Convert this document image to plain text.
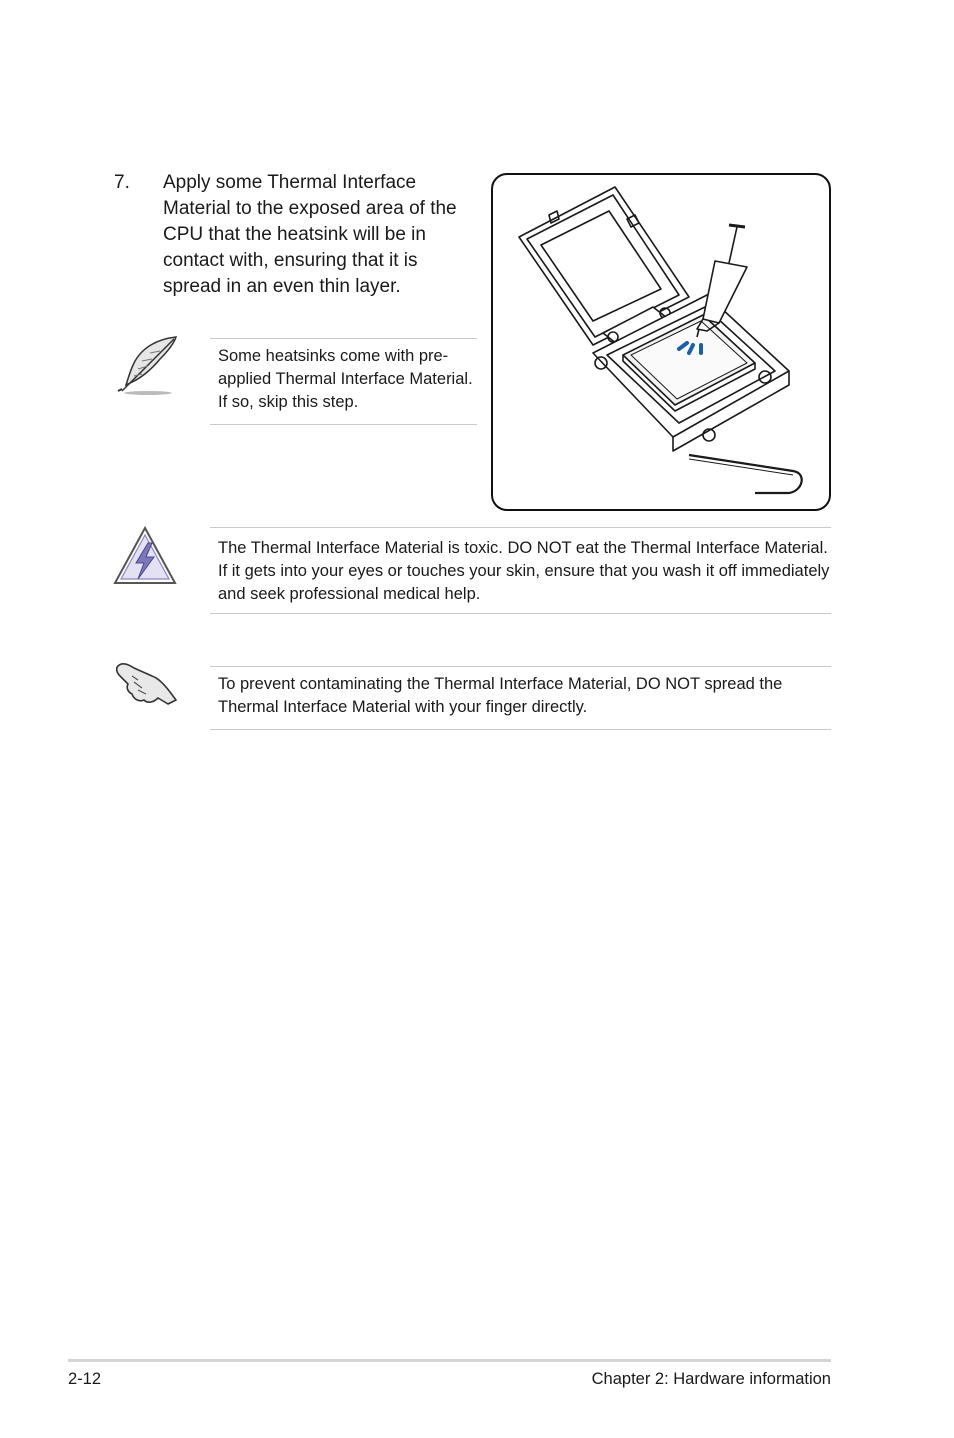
7. Apply some Thermal Interface Material to the exposed area of the CPU that the heatsink will be in contact with, ensuring that it is spread in an even thin layer.
Some heatsinks come with pre-applied Thermal Interface Material. If so, skip this step.
The Thermal Interface Material is toxic. DO NOT eat the Thermal Interface Material. If it gets into your eyes or touches your skin, ensure that you wash it off immediately and seek professional medical help.
To prevent contaminating the Thermal Interface Material, DO NOT spread the Thermal Interface Material with your finger directly.
2-12	Chapter 2: Hardware information
